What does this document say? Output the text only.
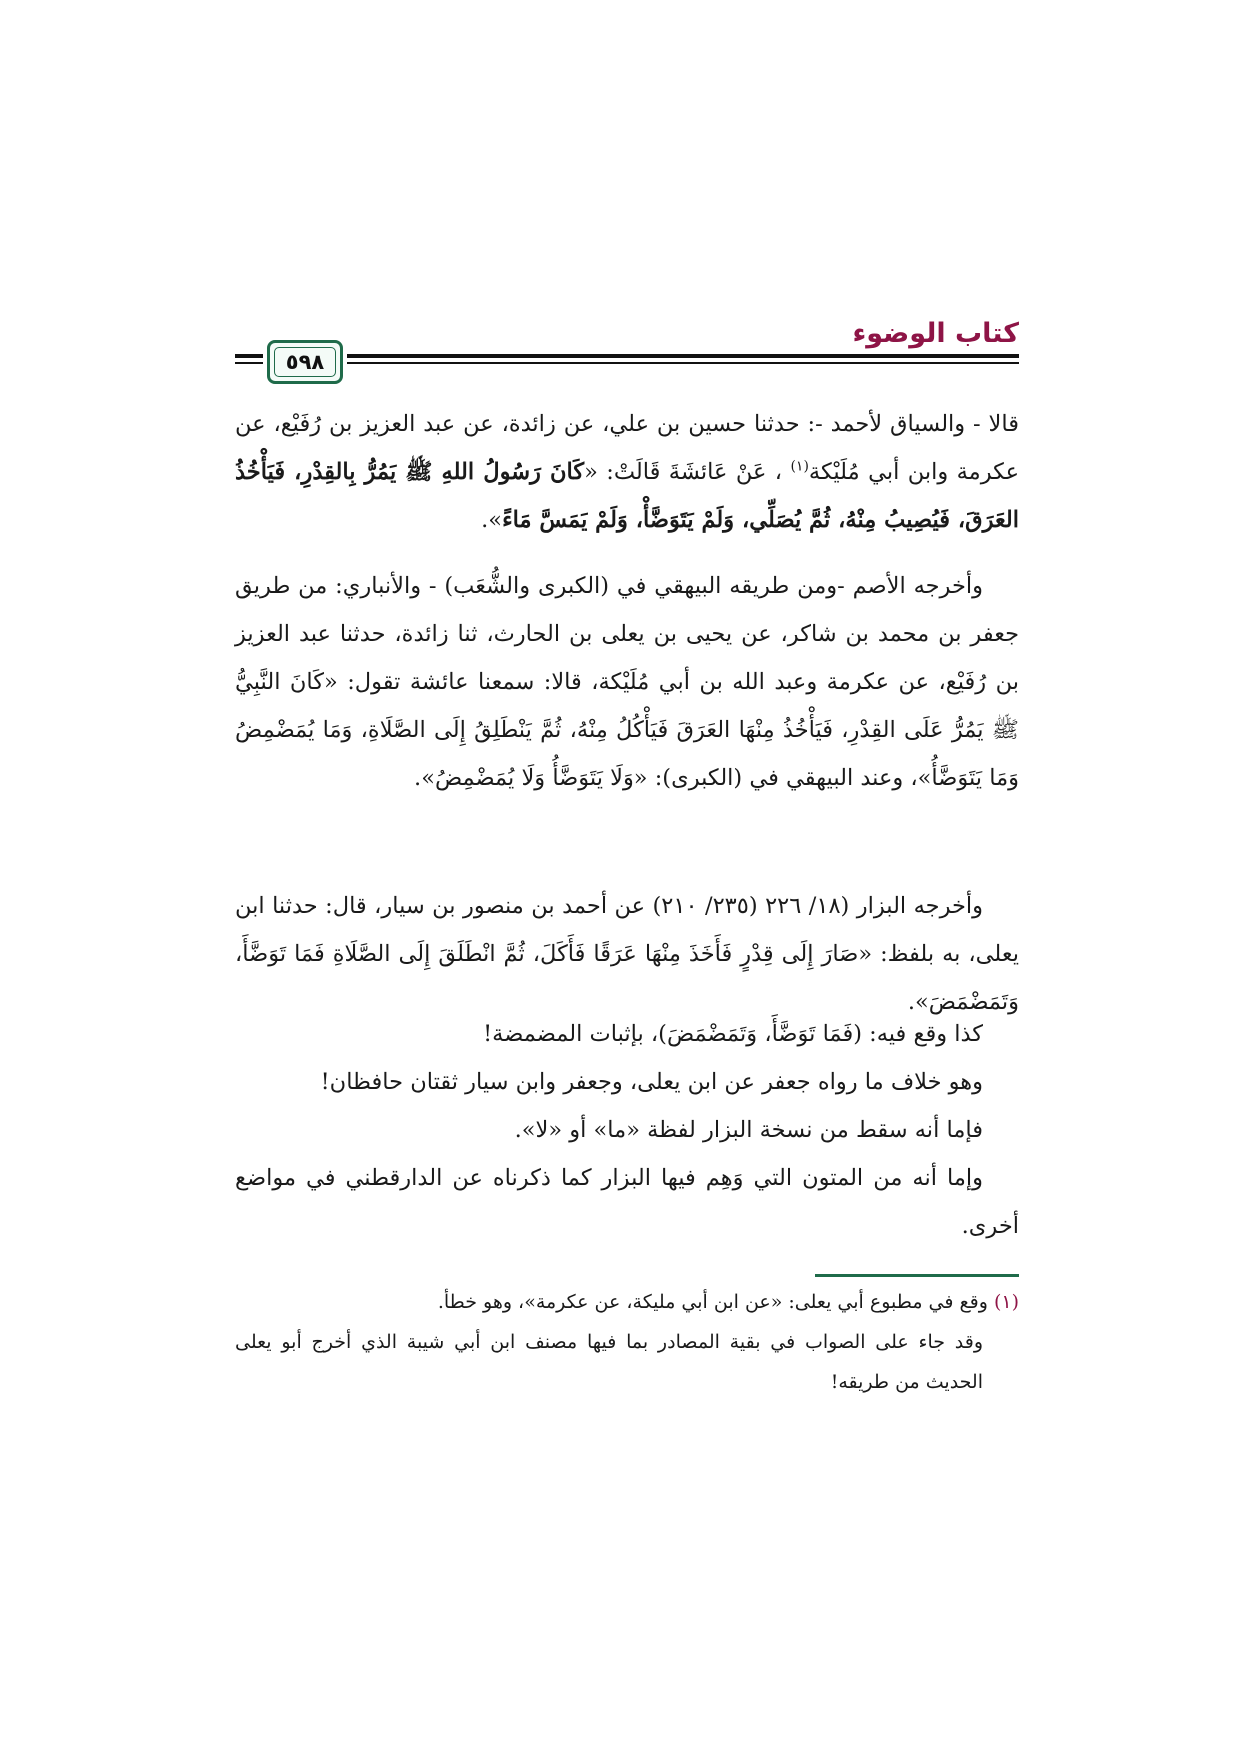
كتاب الوضوء
٥٩٨

قالا - والسياق لأحمد -: حدثنا حسين بن علي، عن زائدة، عن عبد العزيز بن رُفَيْع، عن عكرمة وابن أبي مُلَيْكة$^{(١)}$ ، عَنْ عَائشَةَ قَالَتْ: «كَانَ رَسُولُ اللهِ ﷺ يَمُرُّ بِالقِدْرِ، فَيَأْخُذُ العَرَقَ، فَيُصِيبُ مِنْهُ، ثُمَّ يُصَلِّي، وَلَمْ يَتَوَضَّأْ، وَلَمْ يَمَسَّ مَاءً».

وأخرجه الأصم -ومن طريقه البيهقي في (الكبرى والشُّعَب) - والأنباري: من طريق جعفر بن محمد بن شاكر، عن يحيى بن يعلى بن الحارث، ثنا زائدة، حدثنا عبد العزيز بن رُفَيْع، عن عكرمة وعبد الله بن أبي مُلَيْكة، قالا: سمعنا عائشة تقول: «كَانَ النَّبِيُّ ﷺ يَمُرُّ عَلَى القِدْرِ، فَيَأْخُذُ مِنْهَا العَرَقَ فَيَأْكُلُ مِنْهُ، ثُمَّ يَنْطَلِقُ إِلَى الصَّلَاةِ، وَمَا يُمَضْمِضُ وَمَا يَتَوَضَّأُ»، وعند البيهقي في (الكبرى): «وَلَا يَتَوَضَّأُ وَلَا يُمَضْمِضُ».

وأخرجه البزار (١٨/ ٢٢٦ (٢٣٥/ ٢١٠) عن أحمد بن منصور بن سيار، قال: حدثنا ابن يعلى، به بلفظ: «صَارَ إِلَى قِدْرٍ فَأَخَذَ مِنْهَا عَرَقًا فَأَكَلَ، ثُمَّ انْطَلَقَ إِلَى الصَّلَاةِ فَمَا تَوَضَّأَ، وَتَمَضْمَضَ».

كذا وقع فيه: (فَمَا تَوَضَّأَ، وَتَمَضْمَضَ)، بإثبات المضمضة!

وهو خلاف ما رواه جعفر عن ابن يعلى، وجعفر وابن سيار ثقتان حافظان!

فإما أنه سقط من نسخة البزار لفظة «ما» أو «لا».

وإما أنه من المتون التي وَهِم فيها البزار كما ذكرناه عن الدارقطني في مواضع أخرى.

(١) وقع في مطبوع أبي يعلى: «عن ابن أبي مليكة، عن عكرمة»، وهو خطأ.

وقد جاء على الصواب في بقية المصادر بما فيها مصنف ابن أبي شيبة الذي أخرج أبو يعلى الحديث من طريقه!
